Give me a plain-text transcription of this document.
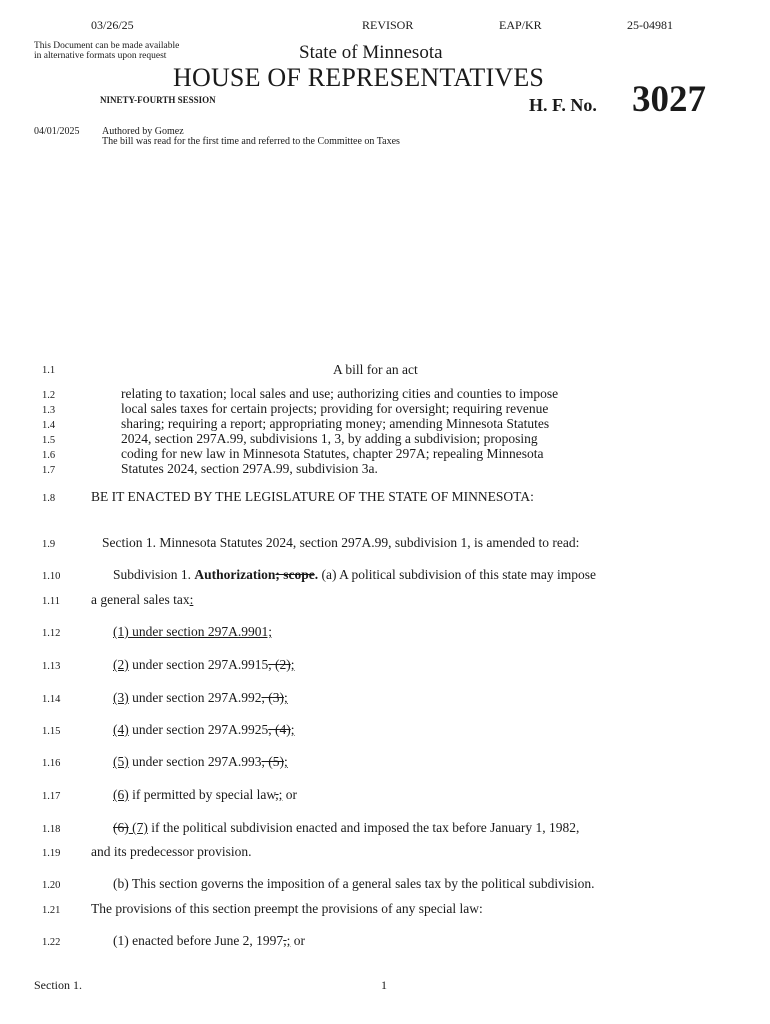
03/26/25	REVISOR	EAP/KR	25-04981
This Document can be made available
in alternative formats upon request	State of Minnesota
HOUSE OF REPRESENTATIVES
NINETY-FOURTH SESSION	H. F. No. 3027
04/01/2025 Authored by Gomez
The bill was read for the first time and referred to the Committee on Taxes
1.1	A bill for an act
1.2	relating to taxation; local sales and use; authorizing cities and counties to impose
1.3	local sales taxes for certain projects; providing for oversight; requiring revenue
1.4	sharing; requiring a report; appropriating money; amending Minnesota Statutes
1.5	2024, section 297A.99, subdivisions 1, 3, by adding a subdivision; proposing
1.6	coding for new law in Minnesota Statutes, chapter 297A; repealing Minnesota
1.7	Statutes 2024, section 297A.99, subdivision 3a.
1.8	BE IT ENACTED BY THE LEGISLATURE OF THE STATE OF MINNESOTA:
1.9	Section 1. Minnesota Statutes 2024, section 297A.99, subdivision 1, is amended to read:
1.10	Subdivision 1. Authorization; scope. (a) A political subdivision of this state may impose
1.11	a general sales tax:
1.12	(1) under section 297A.9901;
1.13	(2) under section 297A.9915, (2);
1.14	(3) under section 297A.992, (3);
1.15	(4) under section 297A.9925, (4);
1.16	(5) under section 297A.993, (5);
1.17	(6) if permitted by special law,; or
1.18	(6) (7) if the political subdivision enacted and imposed the tax before January 1, 1982,
1.19	and its predecessor provision.
1.20	(b) This section governs the imposition of a general sales tax by the political subdivision.
1.21	The provisions of this section preempt the provisions of any special law:
1.22	(1) enacted before June 2, 1997,; or
Section 1.	1
